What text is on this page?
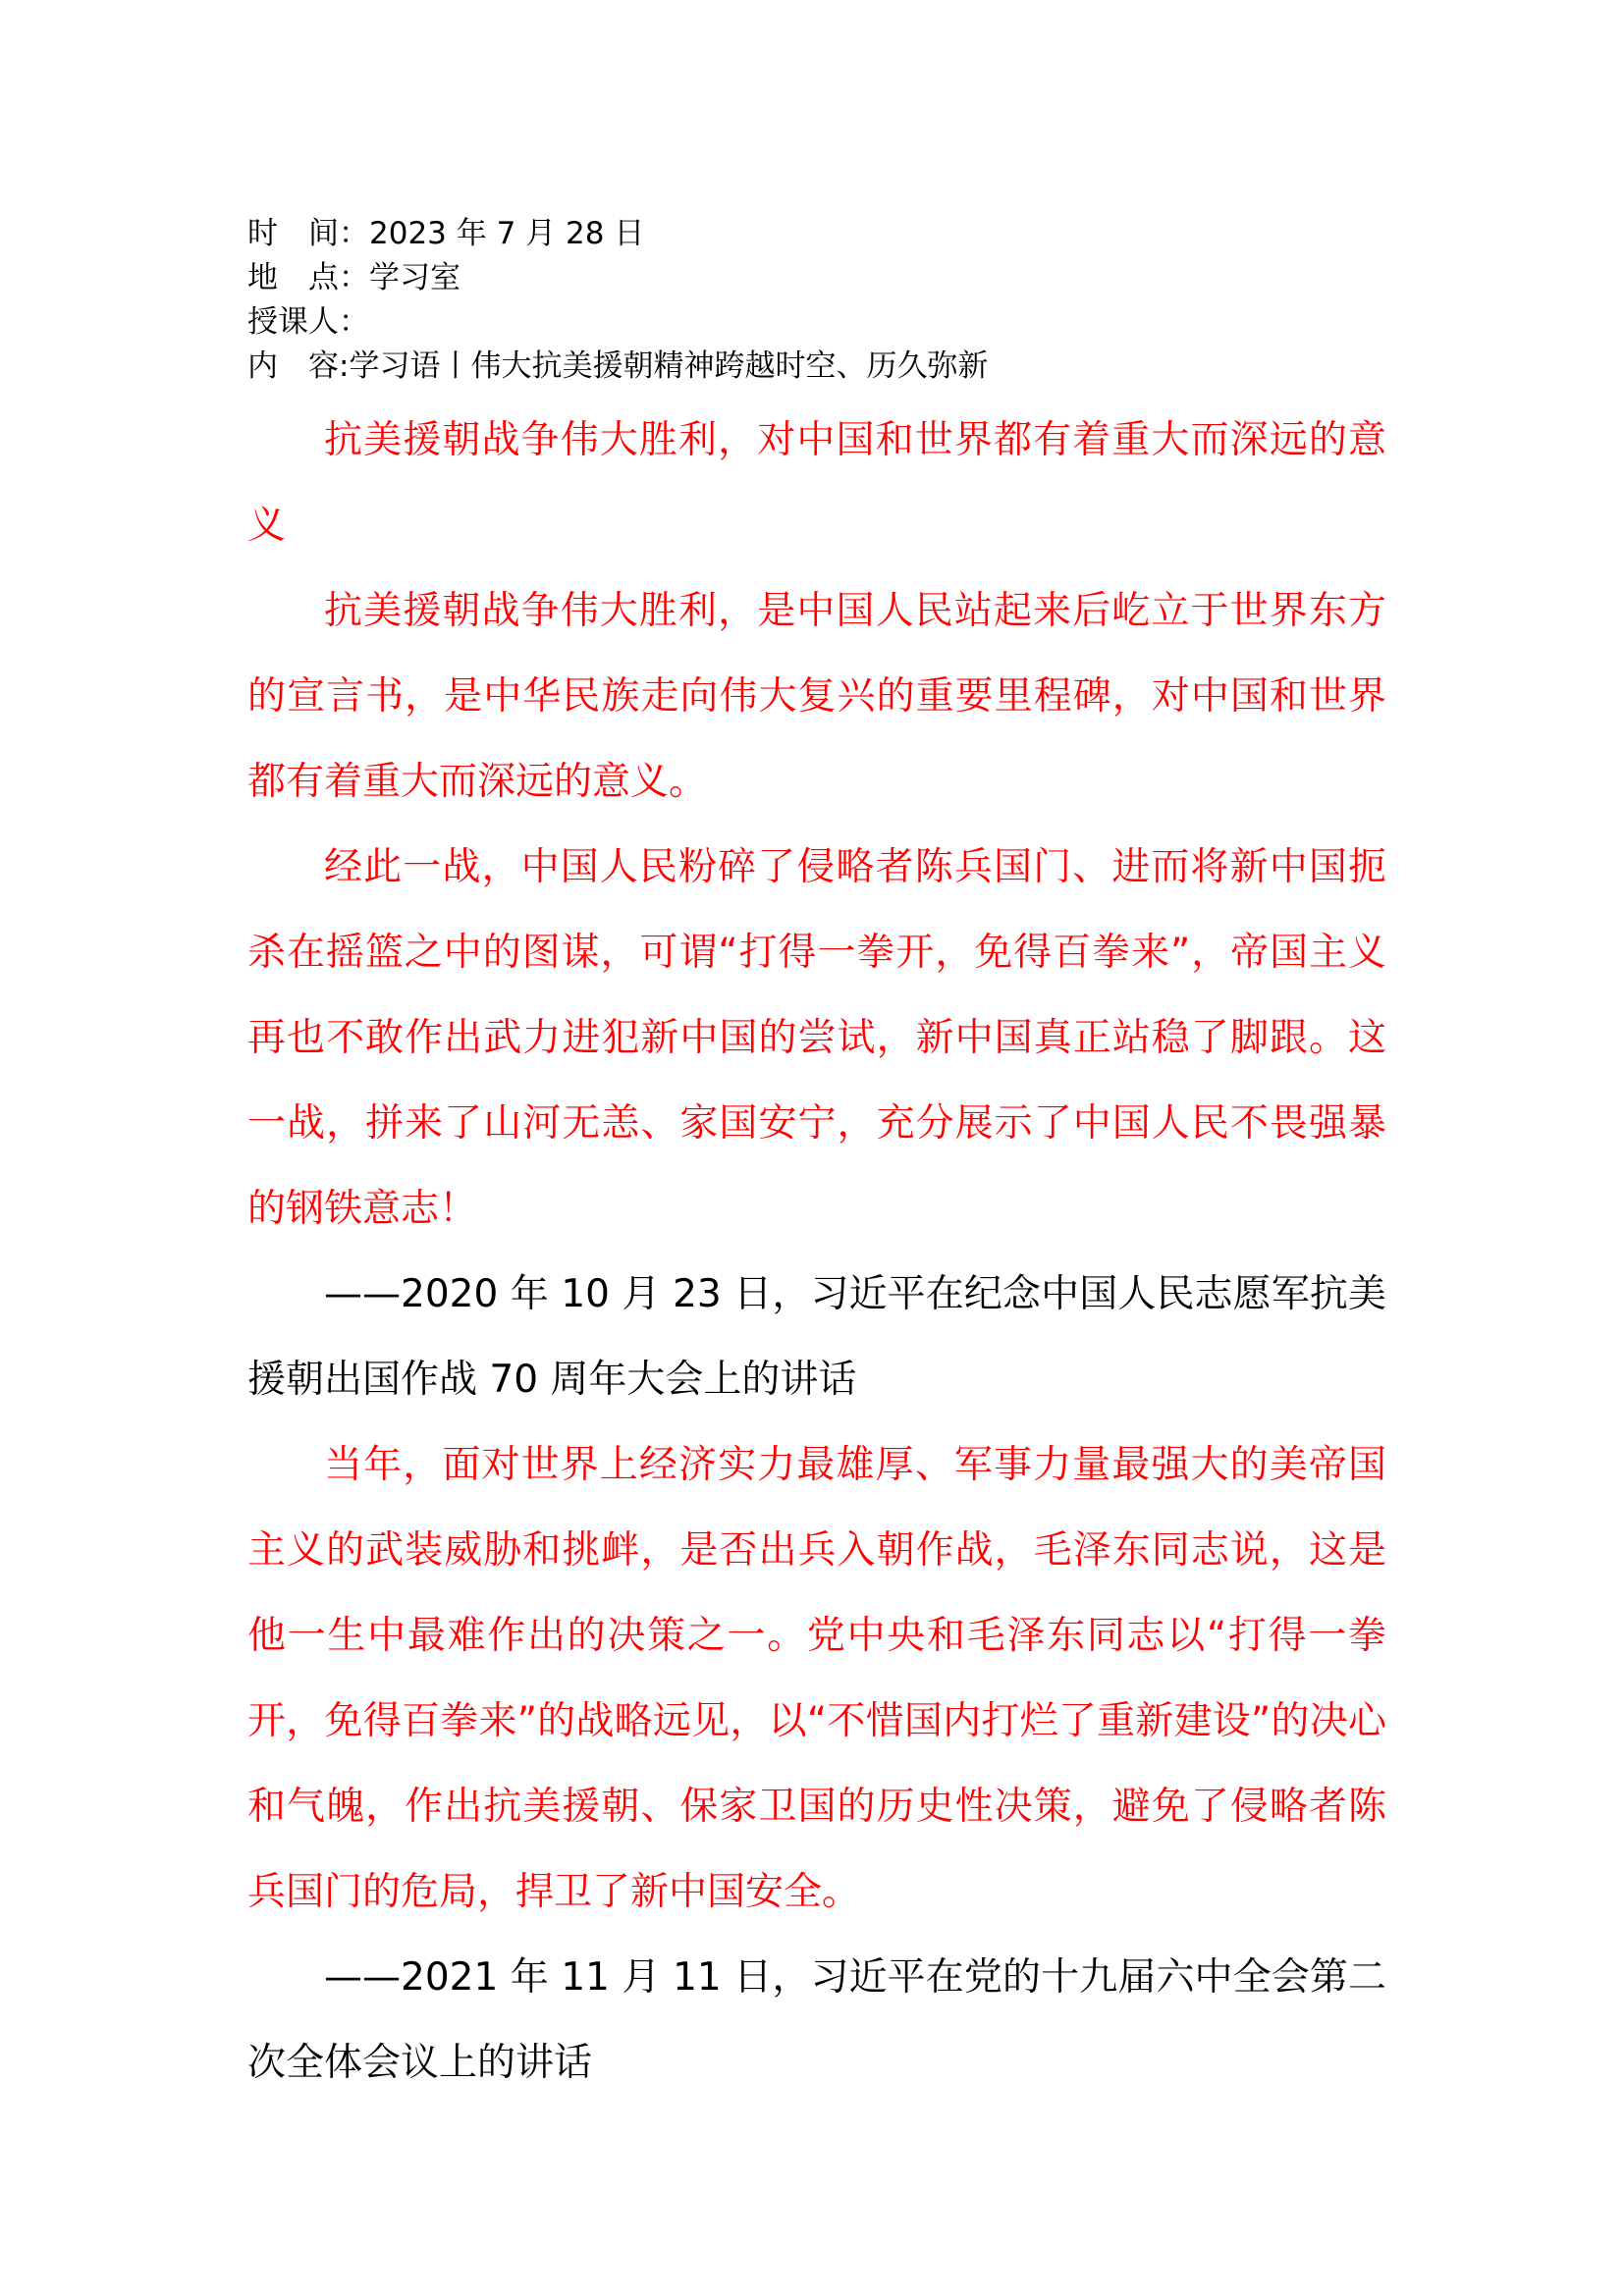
时　间：2023 年 7 月 28 日
地　点：学习室
授课人：
内　容:学习语丨伟大抗美援朝精神跨越时空、历久弥新

抗美援朝战争伟大胜利，对中国和世界都有着重大而深远的意义

抗美援朝战争伟大胜利，是中国人民站起来后屹立于世界东方的宣言书，是中华民族走向伟大复兴的重要里程碑，对中国和世界都有着重大而深远的意义。

经此一战，中国人民粉碎了侵略者陈兵国门、进而将新中国扼杀在摇篮之中的图谋，可谓“打得一拳开，免得百拳来”，帝国主义再也不敢作出武力进犯新中国的尝试，新中国真正站稳了脚跟。这一战，拼来了山河无恙、家国安宁，充分展示了中国人民不畏强暴的钢铁意志！

——2020 年 10 月 23 日，习近平在纪念中国人民志愿军抗美援朝出国作战 70 周年大会上的讲话

当年，面对世界上经济实力最雄厚、军事力量最强大的美帝国主义的武装威胁和挑衅，是否出兵入朝作战，毛泽东同志说，这是他一生中最难作出的决策之一。党中央和毛泽东同志以“打得一拳开，免得百拳来”的战略远见，以“不惜国内打烂了重新建设”的决心和气魄，作出抗美援朝、保家卫国的历史性决策，避免了侵略者陈兵国门的危局，捍卫了新中国安全。

——2021 年 11 月 11 日，习近平在党的十九届六中全会第二次全体会议上的讲话
